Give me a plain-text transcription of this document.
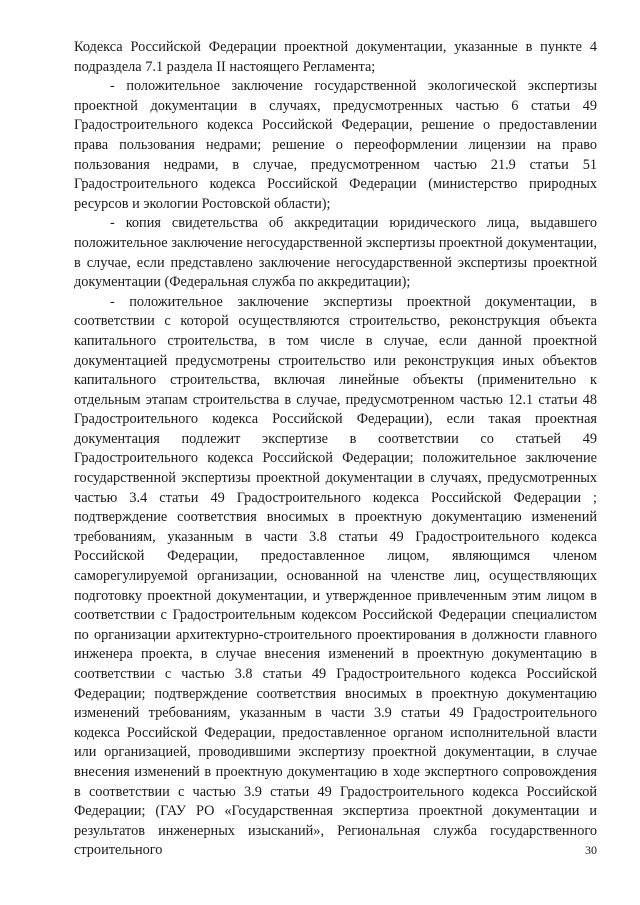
Кодекса Российской Федерации проектной документации, указанные в пункте 4 подраздела 7.1 раздела II настоящего Регламента;

- положительное заключение государственной экологической экспертизы проектной документации в случаях, предусмотренных частью 6 статьи 49 Градостроительного кодекса Российской Федерации, решение о предоставлении права пользования недрами; решение о переоформлении лицензии на право пользования недрами, в случае, предусмотренном частью 21.9 статьи 51 Градостроительного кодекса Российской Федерации (министерство природных ресурсов и экологии Ростовской области);

- копия свидетельства об аккредитации юридического лица, выдавшего положительное заключение негосударственной экспертизы проектной документации, в случае, если представлено заключение негосударственной экспертизы проектной документации (Федеральная служба по аккредитации);

- положительное заключение экспертизы проектной документации, в соответствии с которой осуществляются строительство, реконструкция объекта капитального строительства, в том числе в случае, если данной проектной документацией предусмотрены строительство или реконструкция иных объектов капитального строительства, включая линейные объекты (применительно к отдельным этапам строительства в случае, предусмотренном частью 12.1 статьи 48 Градостроительного кодекса Российской Федерации), если такая проектная документация подлежит экспертизе в соответствии со статьей 49 Градостроительного кодекса Российской Федерации; положительное заключение государственной экспертизы проектной документации в случаях, предусмотренных частью 3.4 статьи 49 Градостроительного кодекса Российской Федерации ; подтверждение соответствия вносимых в проектную документацию изменений требованиям, указанным в части 3.8 статьи 49 Градостроительного кодекса Российской Федерации, предоставленное лицом, являющимся членом саморегулируемой организации, основанной на членстве лиц, осуществляющих подготовку проектной документации, и утвержденное привлеченным этим лицом в соответствии с Градостроительным кодексом Российской Федерации специалистом по организации архитектурно-строительного проектирования в должности главного инженера проекта, в случае внесения изменений в проектную документацию в соответствии с частью 3.8 статьи 49 Градостроительного кодекса Российской Федерации; подтверждение соответствия вносимых в проектную документацию изменений требованиям, указанным в части 3.9 статьи 49 Градостроительного кодекса Российской Федерации, предоставленное органом исполнительной власти или организацией, проводившими экспертизу проектной документации, в случае внесения изменений в проектную документацию в ходе экспертного сопровождения в соответствии с частью 3.9 статьи 49 Градостроительного кодекса Российской Федерации; (ГАУ РО «Государственная экспертиза проектной документации и результатов инженерных изысканий», Региональная служба государственного строительного	30
